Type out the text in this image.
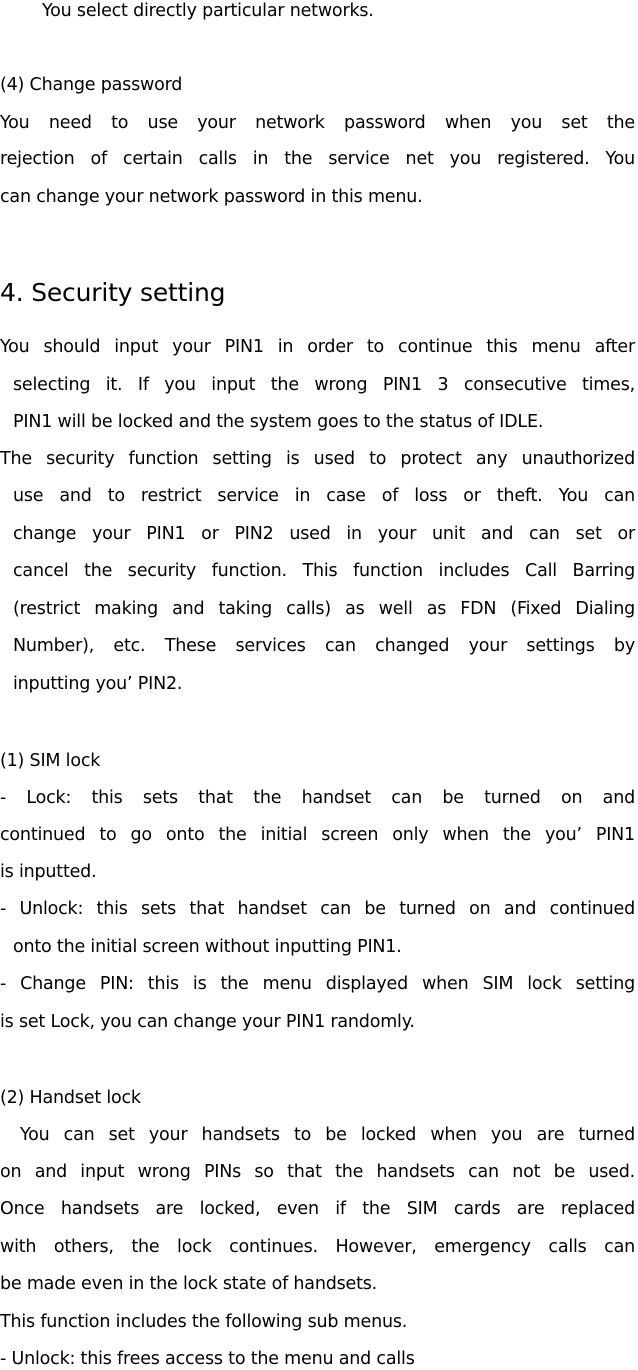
You select directly particular networks.
(4) Change password
You need to use your network password when you set the
rejection of certain calls in the service net you registered. You
can change your network password in this menu.
4. Security setting
You should input your PIN1 in order to continue this menu after
selecting it. If you input the wrong PIN1 3 consecutive times,
PIN1 will be locked and the system goes to the status of IDLE.
The security function setting is used to protect any unauthorized
use and to restrict service in case of loss or theft. You can
change your PIN1 or PIN2 used in your unit and can set or
cancel the security function. This function includes Call Barring
(restrict making and taking calls) as well as FDN (Fixed Dialing
Number), etc. These services can changed your settings by
inputting you’ PIN2.
(1) SIM lock
- Lock: this sets that the handset can be turned on and
continued to go onto the initial screen only when the you’ PIN1
is inputted.
- Unlock: this sets that handset can be turned on and continued
onto the initial screen without inputting PIN1.
- Change PIN: this is the menu displayed when SIM lock setting
is set Lock, you can change your PIN1 randomly.
(2) Handset lock
You can set your handsets to be locked when you are turned
on and input wrong PINs so that the handsets can not be used.
Once handsets are locked, even if the SIM cards are replaced
with others, the lock continues. However, emergency calls can
be made even in the lock state of handsets.
This function includes the following sub menus.
- Unlock: this frees access to the menu and calls
